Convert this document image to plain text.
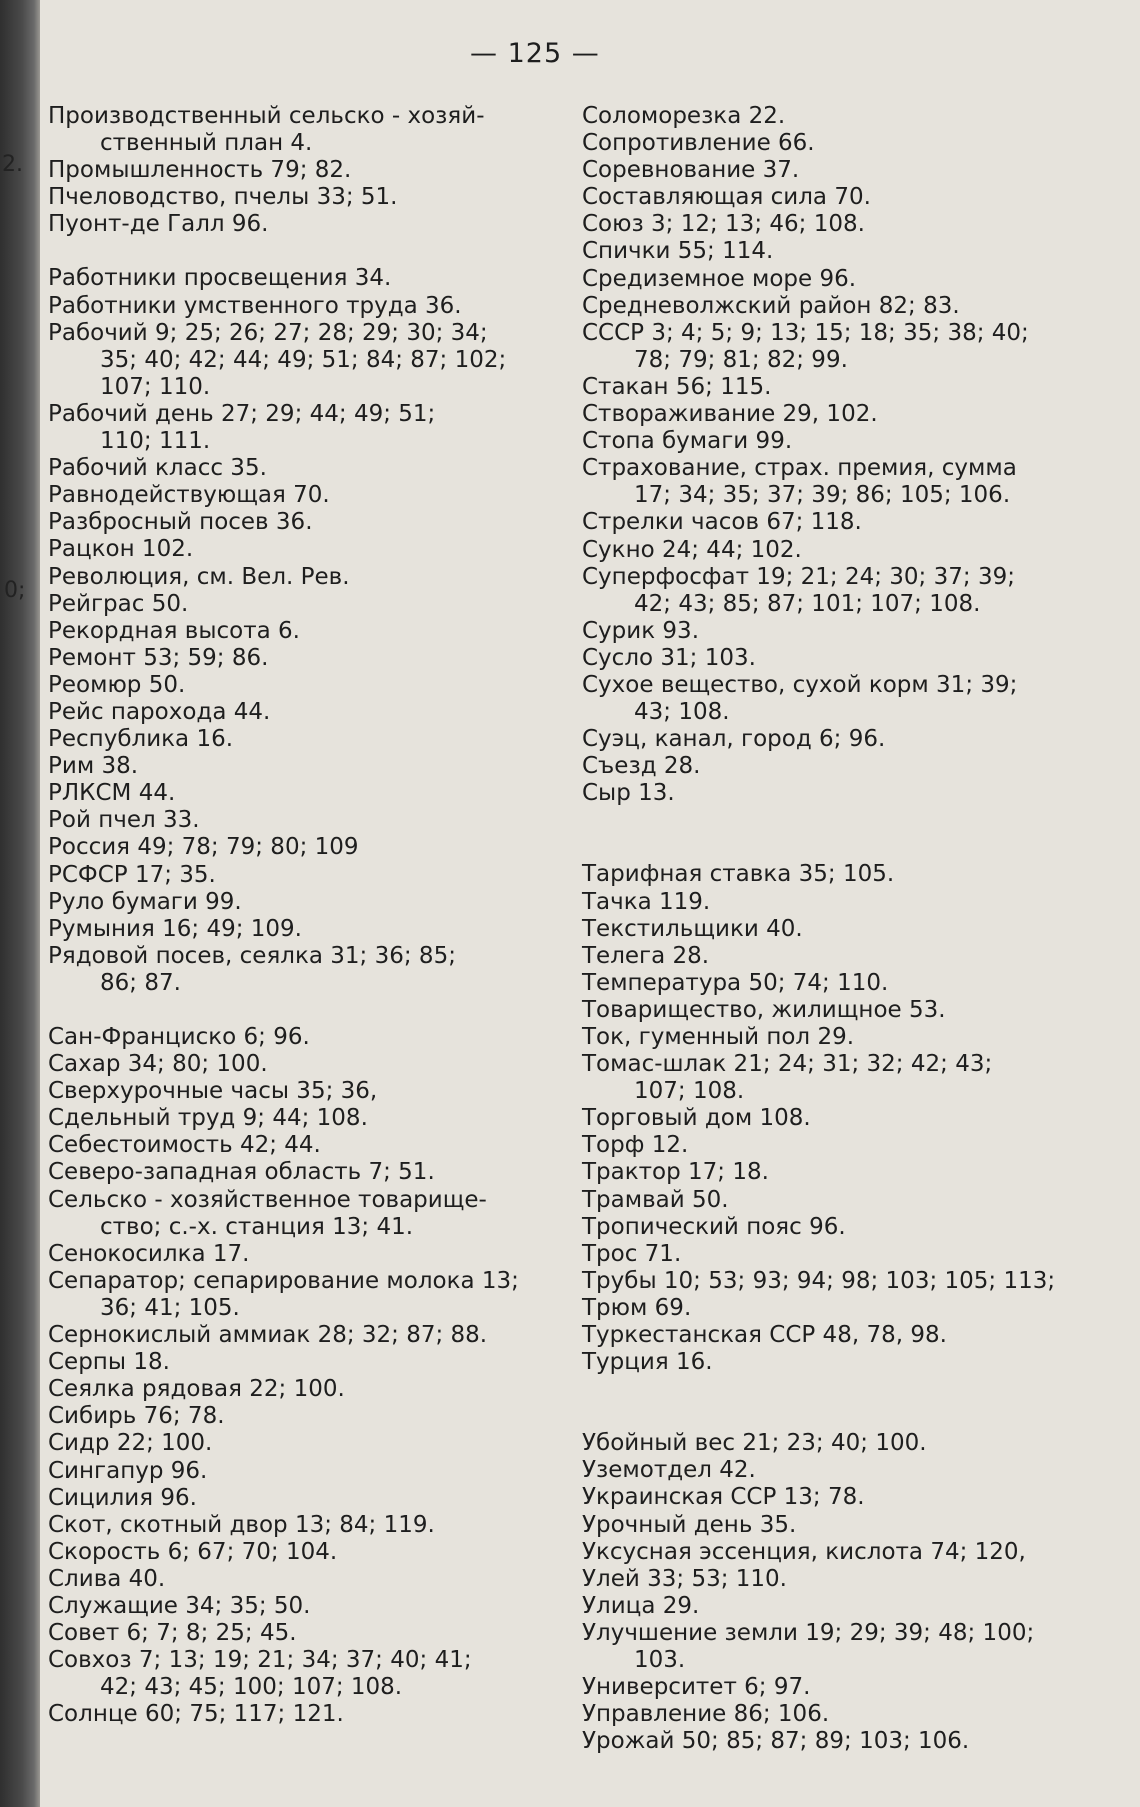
2.
0;
— 125 —
Производственный сельско - хозяй-
ственный план 4.
Промышленность 79; 82.
Пчеловодство, пчелы 33; 51.
Пуонт-де Галл 96.
Работники просвещения 34.
Работники умственного труда 36.
Рабочий 9; 25; 26; 27; 28; 29; 30; 34;
35; 40; 42; 44; 49; 51; 84; 87; 102;
107; 110.
Рабочий день 27; 29; 44; 49; 51;
110; 111.
Рабочий класс 35.
Равнодействующая 70.
Разбросный посев 36.
Рацкон 102.
Революция, см. Вел. Рев.
Рейграс 50.
Рекордная высота 6.
Ремонт 53; 59; 86.
Реомюр 50.
Рейс парохода 44.
Республика 16.
Рим 38.
РЛКСМ 44.
Рой пчел 33.
Россия 49; 78; 79; 80; 109
РСФСР 17; 35.
Руло бумаги 99.
Румыния 16; 49; 109.
Рядовой посев, сеялка 31; 36; 85;
86; 87.
Сан-Франциско 6; 96.
Сахар 34; 80; 100.
Сверхурочные часы 35; 36,
Сдельный труд 9; 44; 108.
Себестоимость 42; 44.
Северо-западная область 7; 51.
Сельско - хозяйственное товарище-
ство; с.-х. станция 13; 41.
Сенокосилка 17.
Сепаратор; сепарирование молока 13;
36; 41; 105.
Сернокислый аммиак 28; 32; 87; 88.
Серпы 18.
Сеялка рядовая 22; 100.
Сибирь 76; 78.
Сидр 22; 100.
Сингапур 96.
Сицилия 96.
Скот, скотный двор 13; 84; 119.
Скорость 6; 67; 70; 104.
Слива 40.
Служащие 34; 35; 50.
Совет 6; 7; 8; 25; 45.
Совхоз 7; 13; 19; 21; 34; 37; 40; 41;
42; 43; 45; 100; 107; 108.
Солнце 60; 75; 117; 121.
Соломорезка 22.
Сопротивление 66.
Соревнование 37.
Составляющая сила 70.
Союз 3; 12; 13; 46; 108.
Спички 55; 114.
Средиземное море 96.
Средневолжский район 82; 83.
СССР 3; 4; 5; 9; 13; 15; 18; 35; 38; 40;
78; 79; 81; 82; 99.
Стакан 56; 115.
Створаживание 29, 102.
Стопа бумаги 99.
Страхование, страх. премия, сумма
17; 34; 35; 37; 39; 86; 105; 106.
Стрелки часов 67; 118.
Сукно 24; 44; 102.
Суперфосфат 19; 21; 24; 30; 37; 39;
42; 43; 85; 87; 101; 107; 108.
Сурик 93.
Сусло 31; 103.
Сухое вещество, сухой корм 31; 39;
43; 108.
Суэц, канал, город 6; 96.
Съезд 28.
Сыр 13.
Тарифная ставка 35; 105.
Тачка 119.
Текстильщики 40.
Телега 28.
Температура 50; 74; 110.
Товарищество, жилищное 53.
Ток, гуменный пол 29.
Томас-шлак 21; 24; 31; 32; 42; 43;
107; 108.
Торговый дом 108.
Торф 12.
Трактор 17; 18.
Трамвай 50.
Тропический пояс 96.
Трос 71.
Трубы 10; 53; 93; 94; 98; 103; 105; 113;
Трюм 69.
Туркестанская ССР 48, 78, 98.
Турция 16.
Убойный вес 21; 23; 40; 100.
Уземотдел 42.
Украинская ССР 13; 78.
Урочный день 35.
Уксусная эссенция, кислота 74; 120,
Улей 33; 53; 110.
Улица 29.
Улучшение земли 19; 29; 39; 48; 100;
103.
Университет 6; 97.
Управление 86; 106.
Урожай 50; 85; 87; 89; 103; 106.
